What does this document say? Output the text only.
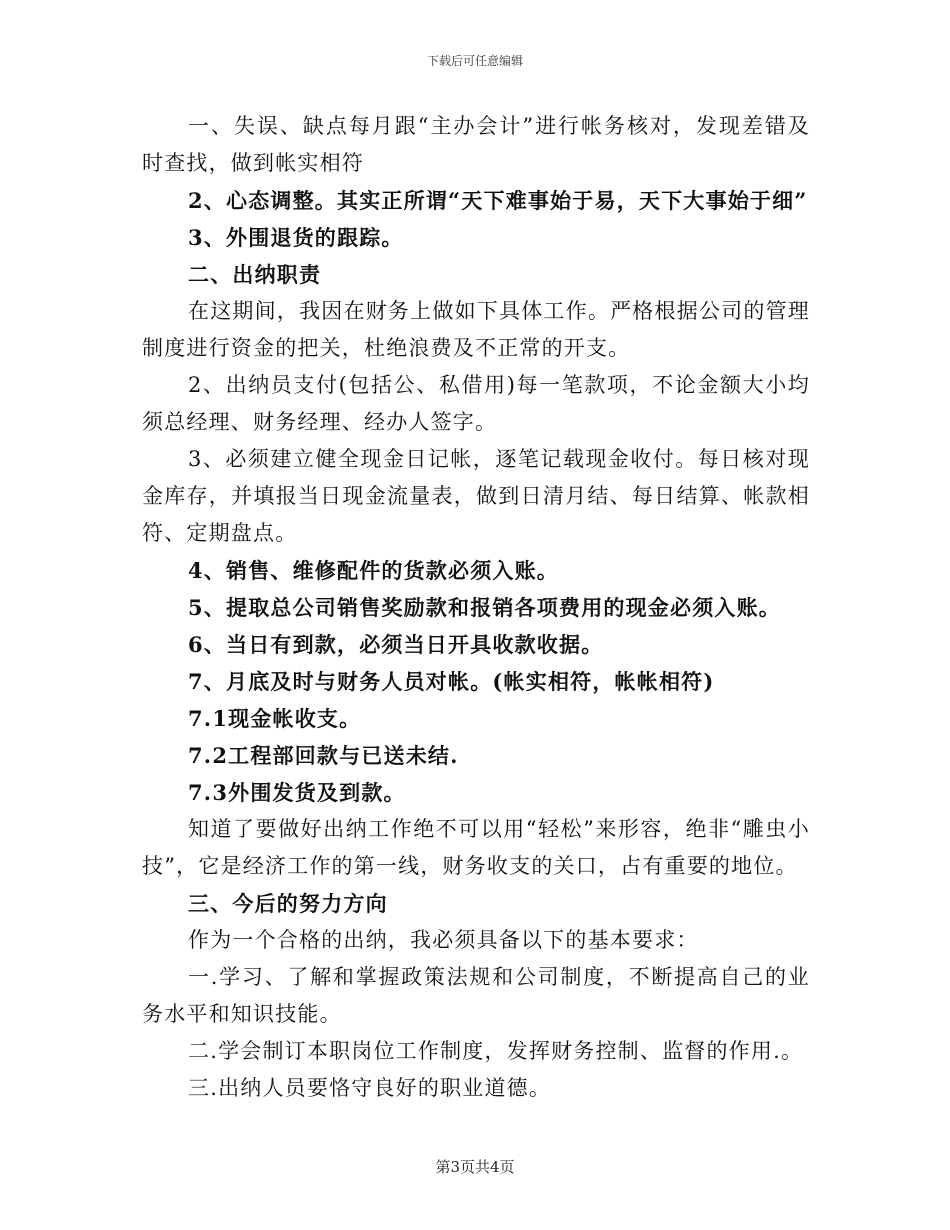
下载后可任意编辑

一、失误、缺点每月跟“主办会计”进行帐务核对，发现差错及时查找，做到帐实相符

2、心态调整。其实正所谓“天下难事始于易，天下大事始于细”

3、外围退货的跟踪。

二、出纳职责

在这期间，我因在财务上做如下具体工作。严格根据公司的管理制度进行资金的把关，杜绝浪费及不正常的开支。

2、出纳员支付(包括公、私借用)每一笔款项，不论金额大小均须总经理、财务经理、经办人签字。

3、必须建立健全现金日记帐，逐笔记载现金收付。每日核对现金库存，并填报当日现金流量表，做到日清月结、每日结算、帐款相符、定期盘点。

4、销售、维修配件的货款必须入账。

5、提取总公司销售奖励款和报销各项费用的现金必须入账。

6、当日有到款，必须当日开具收款收据。

7、月底及时与财务人员对帐。(帐实相符，帐帐相符)

7.1现金帐收支。

7.2工程部回款与已送未结.

7.3外围发货及到款。

知道了要做好出纳工作绝不可以用“轻松”来形容，绝非“雕虫小技”，它是经济工作的第一线，财务收支的关口，占有重要的地位。

三、今后的努力方向

作为一个合格的出纳，我必须具备以下的基本要求：

一.学习、了解和掌握政策法规和公司制度，不断提高自己的业务水平和知识技能。

二.学会制订本职岗位工作制度，发挥财务控制、监督的作用.。

三.出纳人员要恪守良好的职业道德。

第3页共4页
